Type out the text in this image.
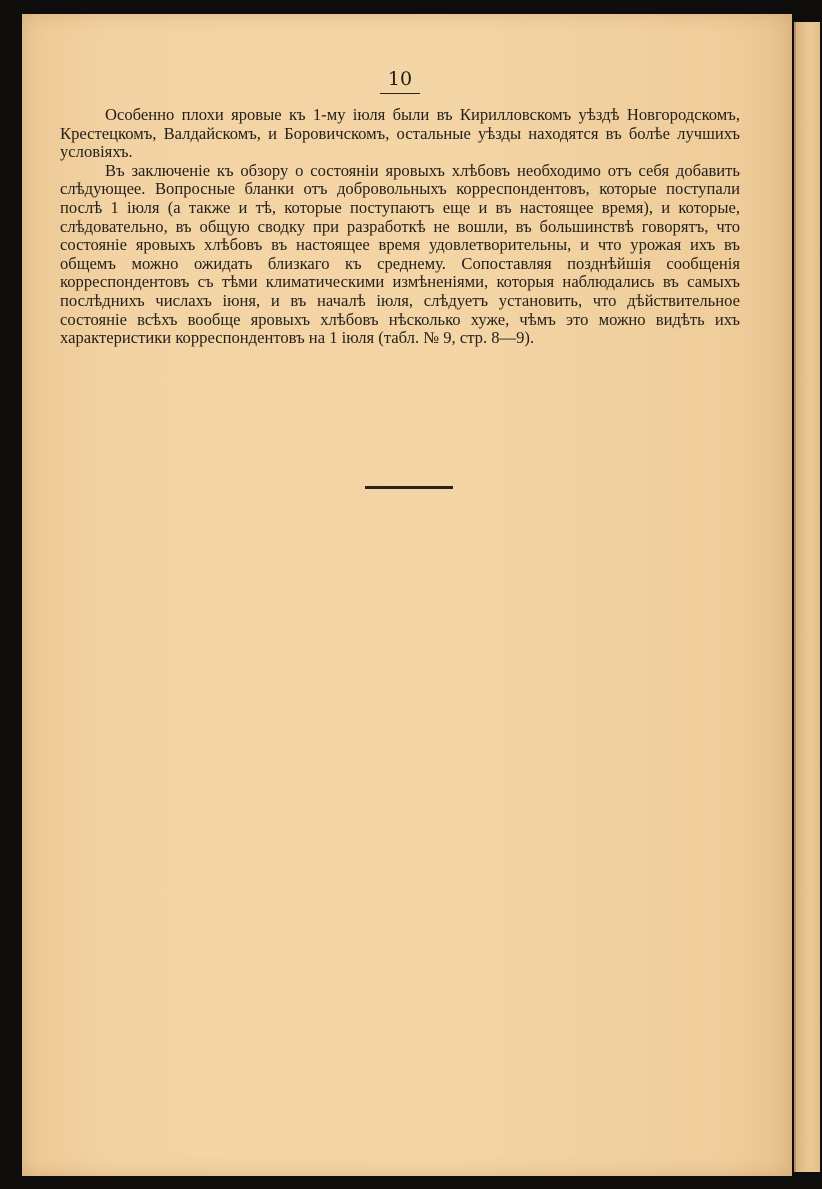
10

Особенно плохи яровые къ 1-му іюля были въ Кирилловскомъ уѣздѣ Новгородскомъ, Крестецкомъ, Валдайскомъ, и Боровичскомъ, остальные уѣзды находятся въ болѣе лучшихъ условіяхъ.

Въ заключеніе къ обзору о состояніи яровыхъ хлѣбовъ необходимо отъ себя добавить слѣдующее. Вопросные бланки отъ добровольныхъ корреспондентовъ, которые поступали послѣ 1 іюля (а также и тѣ, которые поступаютъ еще и въ настоящее время), и которые, слѣдовательно, въ общую сводку при разработкѣ не вошли, въ большинствѣ говорятъ, что состояніе яровыхъ хлѣбовъ въ настоящее время удовлетворительны, и что урожая ихъ въ общемъ можно ожидать близкаго къ среднему. Сопоставляя позднѣйшія сообщенія корреспондентовъ съ тѣми климатическими измѣненіями, которыя наблюдались въ самыхъ послѣднихъ числахъ іюня, и въ началѣ іюля, слѣдуетъ установить, что дѣйствительное состояніе всѣхъ вообще яровыхъ хлѣбовъ нѣсколько хуже, чѣмъ это можно видѣть ихъ характеристики корреспондентовъ на 1 іюля (табл. № 9, стр. 8—9).
